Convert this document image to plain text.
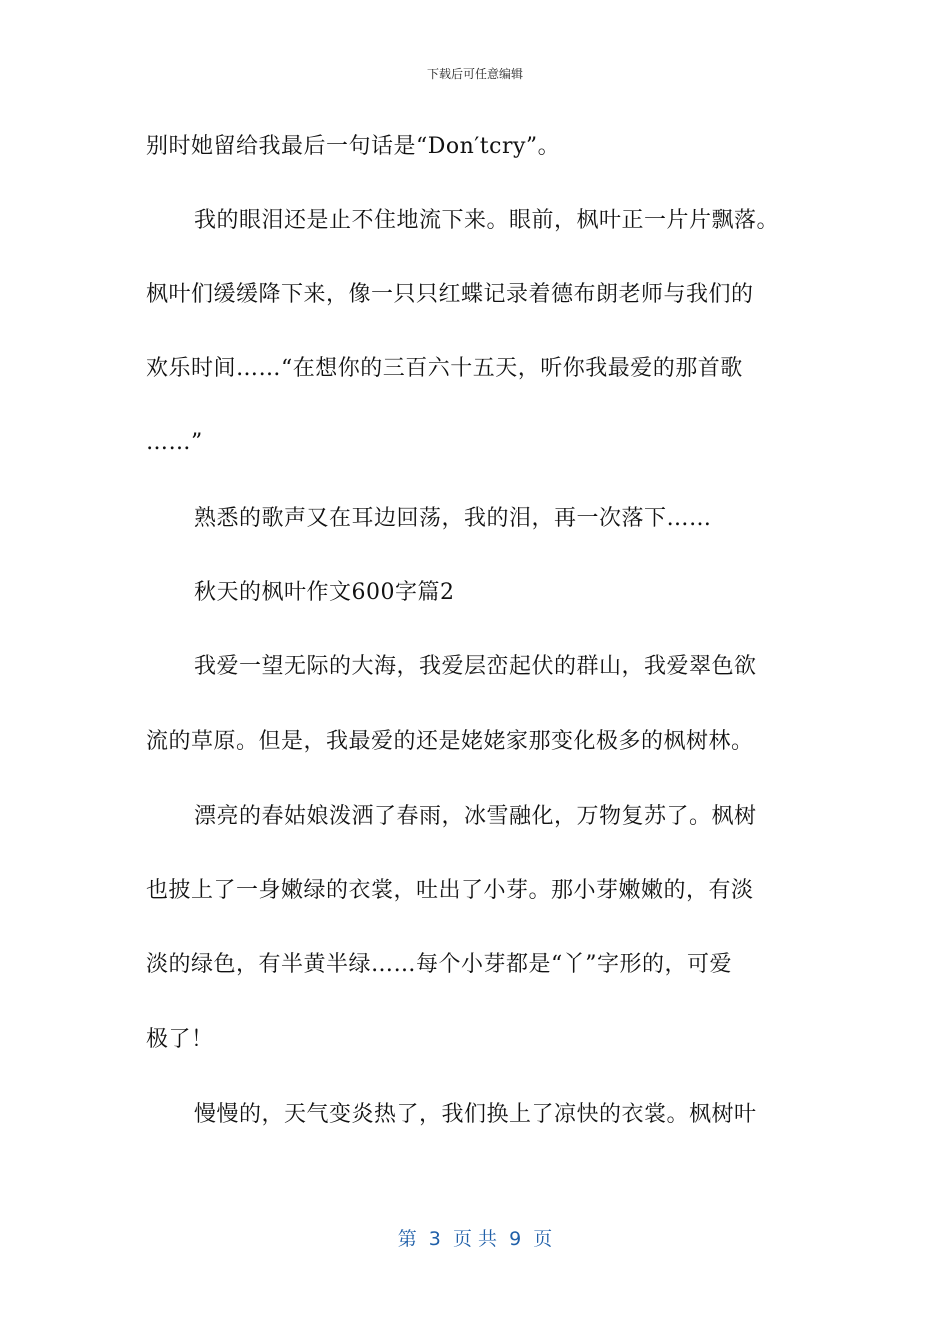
下载后可任意编辑
别时她留给我最后一句话是“Don′tcry”。
我的眼泪还是止不住地流下来。眼前，枫叶正一片片飘落。
枫叶们缓缓降下来，像一只只红蝶记录着德布朗老师与我们的
欢乐时间……“在想你的三百六十五天，听你我最爱的那首歌
……”
熟悉的歌声又在耳边回荡，我的泪，再一次落下……
秋天的枫叶作文600字篇2
我爱一望无际的大海，我爱层峦起伏的群山，我爱翠色欲
流的草原。但是，我最爱的还是姥姥家那变化极多的枫树林。
漂亮的春姑娘泼洒了春雨，冰雪融化，万物复苏了。枫树
也披上了一身嫩绿的衣裳，吐出了小芽。那小芽嫩嫩的，有淡
淡的绿色，有半黄半绿……每个小芽都是“丫”字形的，可爱
极了！
慢慢的，天气变炎热了，我们换上了凉快的衣裳。枫树叶
第  3  页 共  9  页
